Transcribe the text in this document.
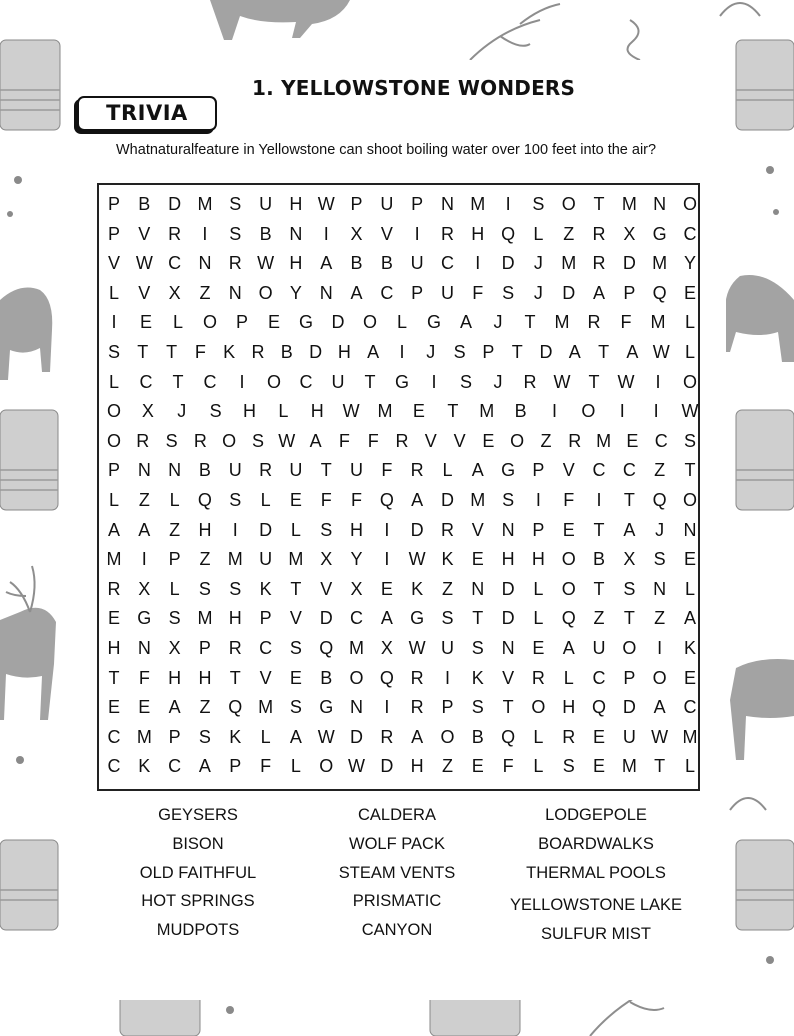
1. YELLOWSTONE WONDERS
TRIVIA
Whatnaturalfeature in Yellowstone can shoot boiling water over 100 feet into the air?
P B D M S U H W P U P N M	I	S O T M N O
P V R	I	S B N	I	X V	I	R H Q L Z R X G C
V W C N R W H A B B U C	I	D	J	M R D M Y
L V X Z N O Y N A C P U F S	J	D A P Q E
I	E L O P E G D O L G A	J	T M R F M L
S T T F K R B D H A	I	J	S P T D A T A W L
L C T C	I	O C U T G	I	S	J	R W T W	I	O
O X	J	S H L H W M E T M B	I	O	I	I	W
O R S R O S W A F F R V V E O Z R M E C S
P N N B U R U T U F R L A G P V C C Z T
L Z L Q S L E F F Q A D M S	I	F	I	T Q O
A A Z H	I	D L S H	I	D R V N P E T A	J	N
M	I	P Z M U M X Y	I	W K E H H O B X S E
R X L S S K T V X E K Z N D L O T S N L
E G S M H P V D C A G S T D L Q Z T Z A
H N X P R C S Q M X W U S N E A U O	I	K
T F H H T V E B O Q R	I	K V R L C P O E
E E A Z Q M S G N	I	R P S T O H Q D A C
C M P S K L A W D R A O B Q L R E U W M
C K C A P F L O W D H Z E F L S E M T L
GEYSERS
BISON
OLD FAITHFUL
HOT SPRINGS
MUDPOTS
CALDERA
WOLF PACK
STEAM VENTS
PRISMATIC
CANYON
LODGEPOLE
BOARDWALKS
THERMAL POOLS
YELLOWSTONE LAKE
SULFUR MIST
